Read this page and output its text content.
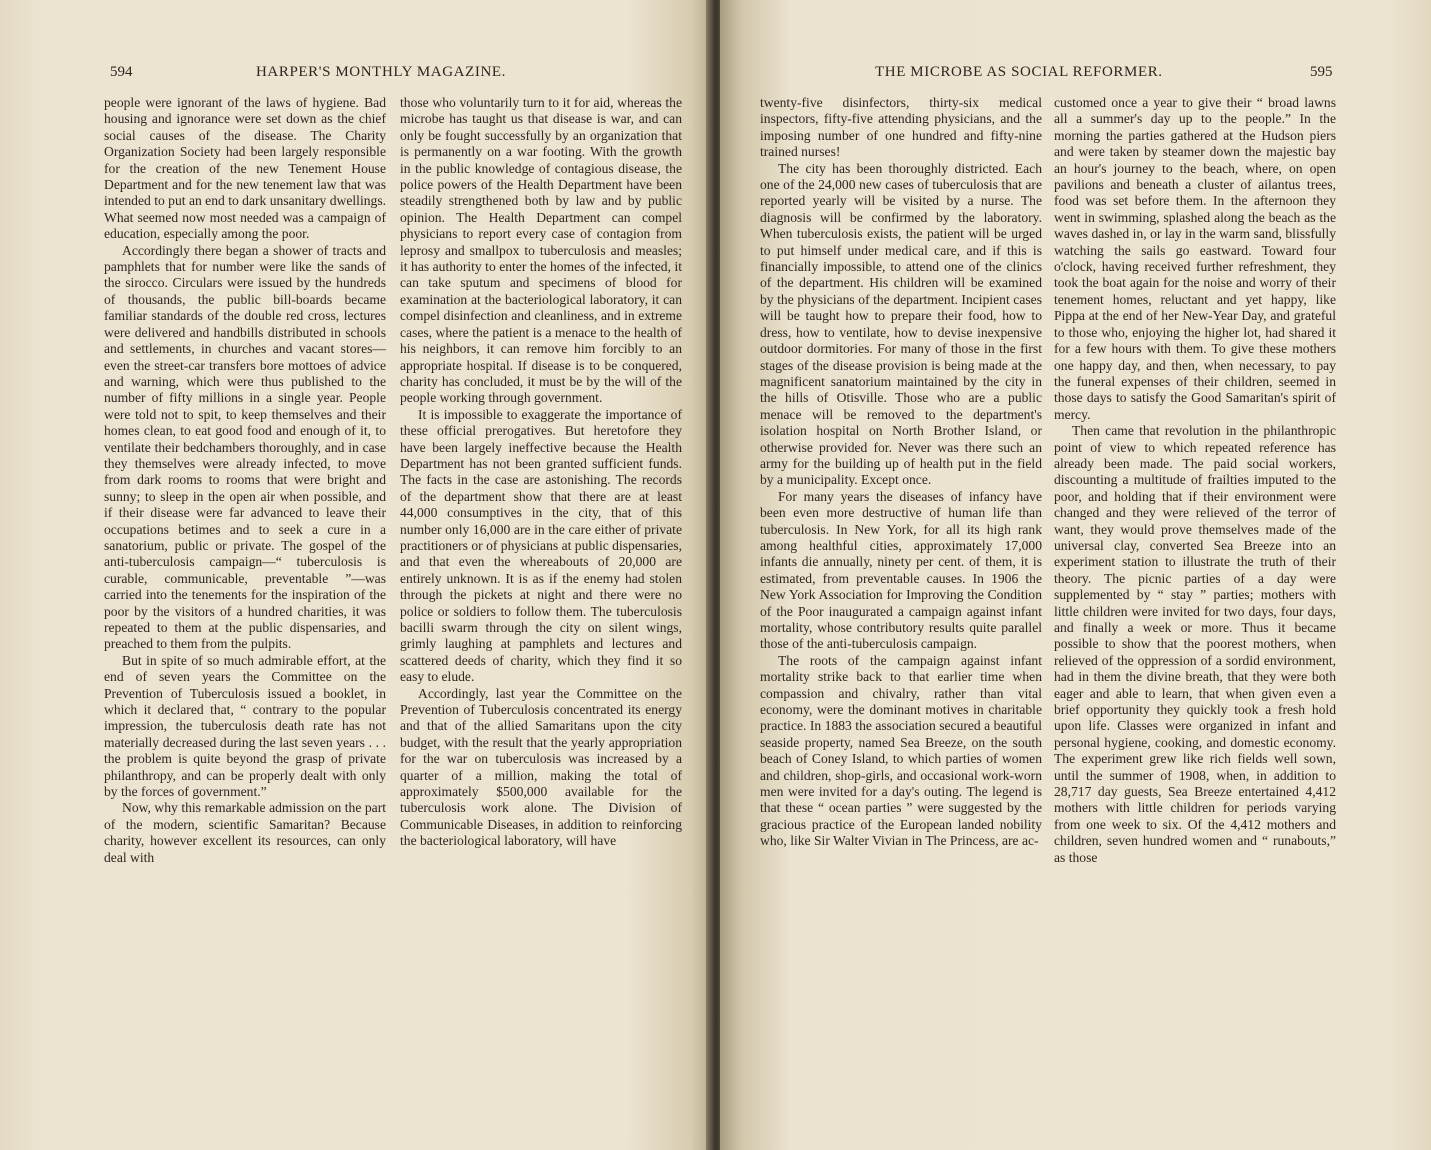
594	HARPER'S MONTHLY MAGAZINE.

people were ignorant of the laws of hygiene. Bad housing and ignorance were set down as the chief social causes of the disease. The Charity Organization Society had been largely responsible for the creation of the new Tenement House Department and for the new tenement law that was intended to put an end to dark unsanitary dwellings. What seemed now most needed was a campaign of education, especially among the poor.

Accordingly there began a shower of tracts and pamphlets that for number were like the sands of the sirocco. Circulars were issued by the hundreds of thousands, the public bill-boards became familiar standards of the double red cross, lectures were delivered and handbills distributed in schools and settlements, in churches and vacant stores—even the street-car transfers bore mottoes of advice and warning, which were thus published to the number of fifty millions in a single year. People were told not to spit, to keep themselves and their homes clean, to eat good food and enough of it, to ventilate their bedchambers thoroughly, and in case they themselves were already infected, to move from dark rooms to rooms that were bright and sunny; to sleep in the open air when possible, and if their disease were far advanced to leave their occupations betimes and to seek a cure in a sanatorium, public or private. The gospel of the anti-tuberculosis campaign—“ tuberculosis is curable, communicable, preventable ”—was carried into the tenements for the inspiration of the poor by the visitors of a hundred charities, it was repeated to them at the public dispensaries, and preached to them from the pulpits.

But in spite of so much admirable effort, at the end of seven years the Committee on the Prevention of Tuberculosis issued a booklet, in which it declared that, “ contrary to the popular impression, the tuberculosis death rate has not materially decreased during the last seven years . . . the problem is quite beyond the grasp of private philanthropy, and can be properly dealt with only by the forces of government.”

Now, why this remarkable admission on the part of the modern, scientific Samaritan? Because charity, however excellent its resources, can only deal with

those who voluntarily turn to it for aid, whereas the microbe has taught us that disease is war, and can only be fought successfully by an organization that is permanently on a war footing. With the growth in the public knowledge of contagious disease, the police powers of the Health Department have been steadily strengthened both by law and by public opinion. The Health Department can compel physicians to report every case of contagion from leprosy and smallpox to tuberculosis and measles; it has authority to enter the homes of the infected, it can take sputum and specimens of blood for examination at the bacteriological laboratory, it can compel disinfection and cleanliness, and in extreme cases, where the patient is a menace to the health of his neighbors, it can remove him forcibly to an appropriate hospital. If disease is to be conquered, charity has concluded, it must be by the will of the people working through government.

It is impossible to exaggerate the importance of these official prerogatives. But heretofore they have been largely ineffective because the Health Department has not been granted sufficient funds. The facts in the case are astonishing. The records of the department show that there are at least 44,000 consumptives in the city, that of this number only 16,000 are in the care either of private practitioners or of physicians at public dispensaries, and that even the whereabouts of 20,000 are entirely unknown. It is as if the enemy had stolen through the pickets at night and there were no police or soldiers to follow them. The tuberculosis bacilli swarm through the city on silent wings, grimly laughing at pamphlets and lectures and scattered deeds of charity, which they find it so easy to elude.

Accordingly, last year the Committee on the Prevention of Tuberculosis concentrated its energy and that of the allied Samaritans upon the city budget, with the result that the yearly appropriation for the war on tuberculosis was increased by a quarter of a million, making the total of approximately $500,000 available for the tuberculosis work alone. The Division of Communicable Diseases, in addition to reinforcing the bacteriological laboratory, will have

THE MICROBE AS SOCIAL REFORMER.	595

twenty-five disinfectors, thirty-six medical inspectors, fifty-five attending physicians, and the imposing number of one hundred and fifty-nine trained nurses!

The city has been thoroughly districted. Each one of the 24,000 new cases of tuberculosis that are reported yearly will be visited by a nurse. The diagnosis will be confirmed by the laboratory. When tuberculosis exists, the patient will be urged to put himself under medical care, and if this is financially impossible, to attend one of the clinics of the department. His children will be examined by the physicians of the department. Incipient cases will be taught how to prepare their food, how to dress, how to ventilate, how to devise inexpensive outdoor dormitories. For many of those in the first stages of the disease provision is being made at the magnificent sanatorium maintained by the city in the hills of Otisville. Those who are a public menace will be removed to the department's isolation hospital on North Brother Island, or otherwise provided for. Never was there such an army for the building up of health put in the field by a municipality. Except once.

For many years the diseases of infancy have been even more destructive of human life than tuberculosis. In New York, for all its high rank among healthful cities, approximately 17,000 infants die annually, ninety per cent. of them, it is estimated, from preventable causes. In 1906 the New York Association for Improving the Condition of the Poor inaugurated a campaign against infant mortality, whose contributory results quite parallel those of the anti-tuberculosis campaign.

The roots of the campaign against infant mortality strike back to that earlier time when compassion and chivalry, rather than vital economy, were the dominant motives in charitable practice. In 1883 the association secured a beautiful seaside property, named Sea Breeze, on the south beach of Coney Island, to which parties of women and children, shop-girls, and occasional work-worn men were invited for a day's outing. The legend is that these “ ocean parties ” were suggested by the gracious practice of the European landed nobility who, like Sir Walter Vivian in The Princess, are ac-

customed once a year to give their “ broad lawns all a summer's day up to the people.” In the morning the parties gathered at the Hudson piers and were taken by steamer down the majestic bay an hour's journey to the beach, where, on open pavilions and beneath a cluster of ailantus trees, food was set before them. In the afternoon they went in swimming, splashed along the beach as the waves dashed in, or lay in the warm sand, blissfully watching the sails go eastward. Toward four o'clock, having received further refreshment, they took the boat again for the noise and worry of their tenement homes, reluctant and yet happy, like Pippa at the end of her New-Year Day, and grateful to those who, enjoying the higher lot, had shared it for a few hours with them. To give these mothers one happy day, and then, when necessary, to pay the funeral expenses of their children, seemed in those days to satisfy the Good Samaritan's spirit of mercy.

Then came that revolution in the philanthropic point of view to which repeated reference has already been made. The paid social workers, discounting a multitude of frailties imputed to the poor, and holding that if their environment were changed and they were relieved of the terror of want, they would prove themselves made of the universal clay, converted Sea Breeze into an experiment station to illustrate the truth of their theory. The picnic parties of a day were supplemented by “ stay ” parties; mothers with little children were invited for two days, four days, and finally a week or more. Thus it became possible to show that the poorest mothers, when relieved of the oppression of a sordid environment, had in them the divine breath, that they were both eager and able to learn, that when given even a brief opportunity they quickly took a fresh hold upon life. Classes were organized in infant and personal hygiene, cooking, and domestic economy. The experiment grew like rich fields well sown, until the summer of 1908, when, in addition to 28,717 day guests, Sea Breeze entertained 4,412 mothers with little children for periods varying from one week to six. Of the 4,412 mothers and children, seven hundred women and “ runabouts,” as those
